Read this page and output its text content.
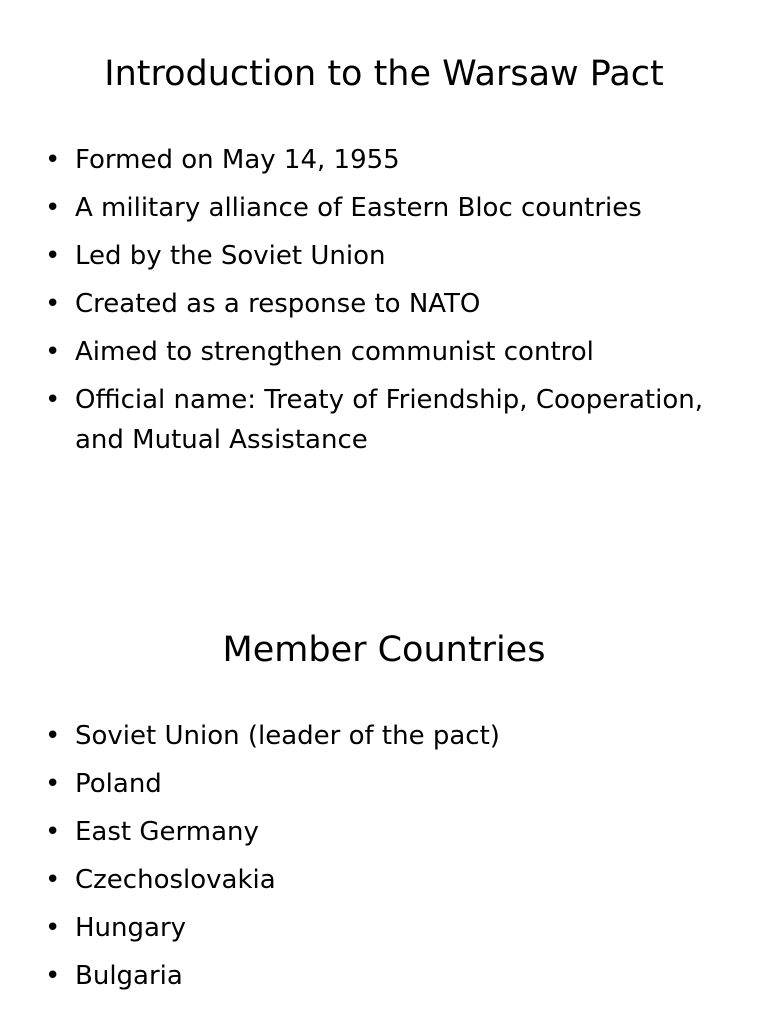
Introduction to the Warsaw Pact
• Formed on May 14, 1955
• A military alliance of Eastern Bloc countries
• Led by the Soviet Union
• Created as a response to NATO
• Aimed to strengthen communist control
• Official name: Treaty of Friendship, Cooperation, and Mutual Assistance
Member Countries
• Soviet Union (leader of the pact)
• Poland
• East Germany
• Czechoslovakia
• Hungary
• Bulgaria
